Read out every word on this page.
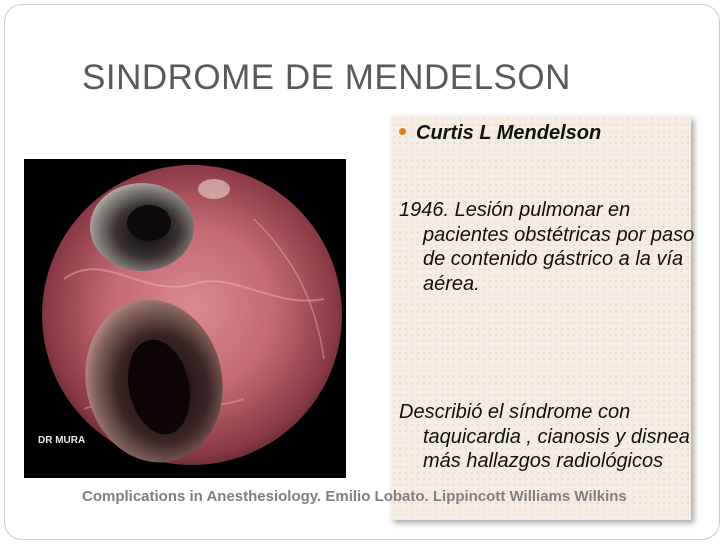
SINDROME DE MENDELSON
DR MURA
Curtis L Mendelson
1946. Lesión pulmonar en pacientes obstétricas por paso de contenido gástrico a la vía aérea.
Describió el síndrome con taquicardia , cianosis y disnea más hallazgos radiológicos
Complications in Anesthesiology. Emilio Lobato. Lippincott Williams Wilkins
